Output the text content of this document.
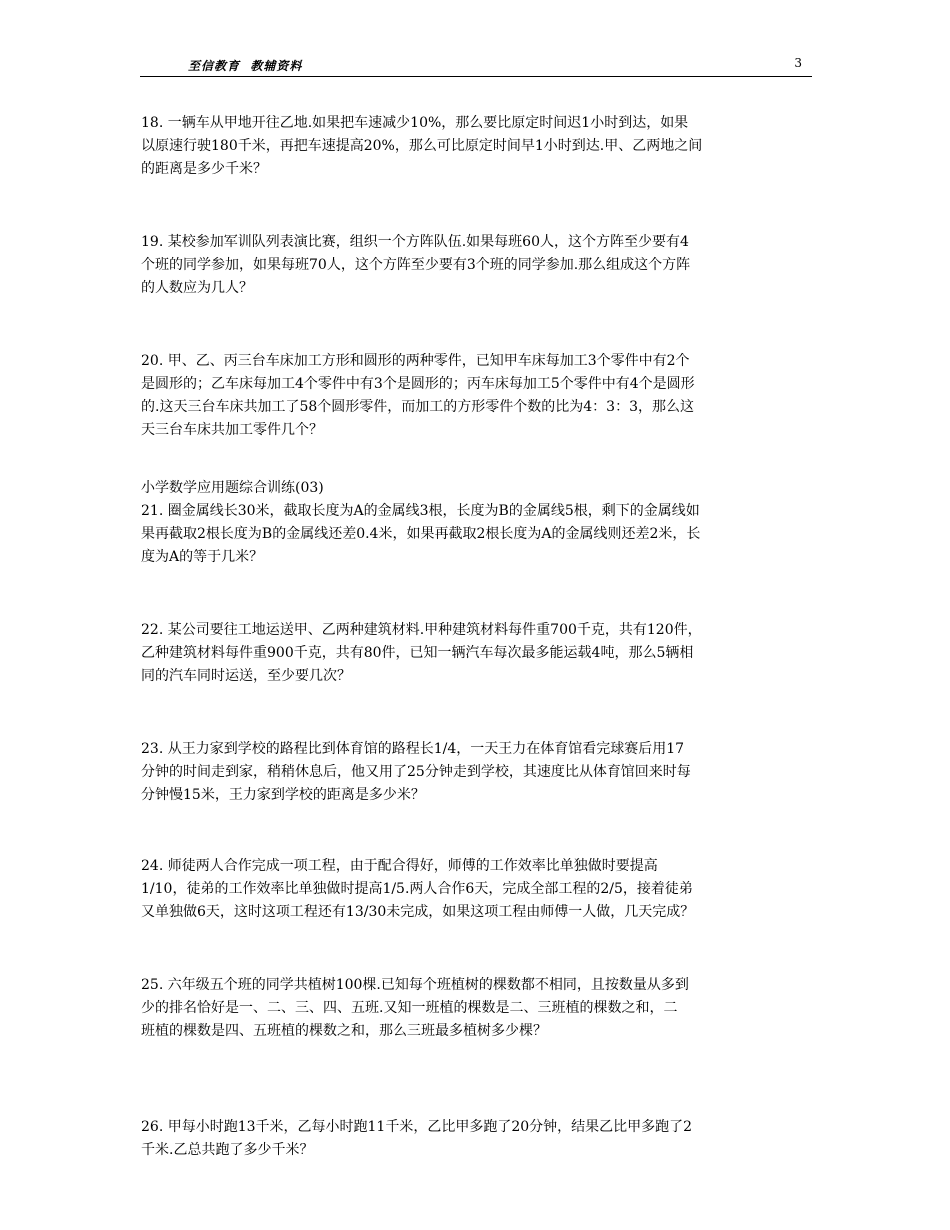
至信教育  教辅资料	3

18. 一辆车从甲地开往乙地.如果把车速减少10%，那么要比原定时间迟1小时到达，如果
以原速行驶180千米，再把车速提高20%，那么可比原定时间早1小时到达.甲、乙两地之间
的距离是多少千米？

19. 某校参加军训队列表演比赛，组织一个方阵队伍.如果每班60人，这个方阵至少要有4
个班的同学参加，如果每班70人，这个方阵至少要有3个班的同学参加.那么组成这个方阵
的人数应为几人？

20. 甲、乙、丙三台车床加工方形和圆形的两种零件，已知甲车床每加工3个零件中有2个
是圆形的；乙车床每加工4个零件中有3个是圆形的；丙车床每加工5个零件中有4个是圆形
的.这天三台车床共加工了58个圆形零件，而加工的方形零件个数的比为4：3：3，那么这
天三台车床共加工零件几个？

小学数学应用题综合训练(03)

21. 圈金属线长30米，截取长度为A的金属线3根，长度为B的金属线5根，剩下的金属线如
果再截取2根长度为B的金属线还差0.4米，如果再截取2根长度为A的金属线则还差2米，长
度为A的等于几米？

22. 某公司要往工地运送甲、乙两种建筑材料.甲种建筑材料每件重700千克，共有120件，
乙种建筑材料每件重900千克，共有80件，已知一辆汽车每次最多能运载4吨，那么5辆相
同的汽车同时运送，至少要几次？

23. 从王力家到学校的路程比到体育馆的路程长1/4，一天王力在体育馆看完球赛后用17
分钟的时间走到家，稍稍休息后，他又用了25分钟走到学校，其速度比从体育馆回来时每
分钟慢15米，王力家到学校的距离是多少米？

24. 师徒两人合作完成一项工程，由于配合得好，师傅的工作效率比单独做时要提高
1/10，徒弟的工作效率比单独做时提高1/5.两人合作6天，完成全部工程的2/5，接着徒弟
又单独做6天，这时这项工程还有13/30未完成，如果这项工程由师傅一人做，几天完成？

25. 六年级五个班的同学共植树100棵.已知每个班植树的棵数都不相同，且按数量从多到
少的排名恰好是一、二、三、四、五班.又知一班植的棵数是二、三班植的棵数之和，二
班植的棵数是四、五班植的棵数之和，那么三班最多植树多少棵？

26. 甲每小时跑13千米，乙每小时跑11千米，乙比甲多跑了20分钟，结果乙比甲多跑了2
千米.乙总共跑了多少千米？
